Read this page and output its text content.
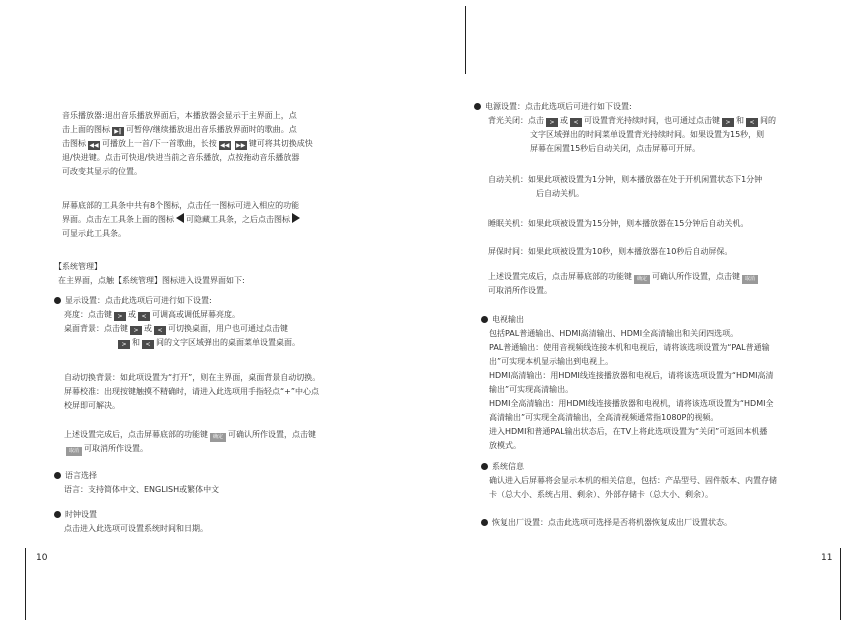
音乐播放器:退出音乐播放界面后，本播放器会显示于主界面上，点

击上面的图标 ▶‖ 可暂停/继续播放退出音乐播放界面时的歌曲。点

击图标 ◀◀ 可播放上一首/下一首歌曲，长按 ◀◀ ▶▶ 键可将其切换成快

退/快进键。点击可快退/快进当前之音乐播放，点按拖动音乐播放器

可改变其显示的位置。

屏幕底部的工具条中共有8个图标，点击任一图标可进入相应的功能

界面。点击左工具条上面的图标 可隐藏工具条，之后点击图标

可显示此工具条。

【系统管理】

在主界面，点触【系统管理】图标进入设置界面如下:

显示设置：点击此选项后可进行如下设置:

亮度：点击键 > 或 < 可调高或调低屏幕亮度。

桌面背景：点击键 > 或 < 可切换桌面，用户也可通过点击键

> 和 < 间的文字区域弹出的桌面菜单设置桌面。

自动切换背景：如此项设置为“打开”，则在主界面，桌面背景自动切换。

屏幕校准：出现按键触摸不精确时，请进入此选项用手指轻点“+”中心点

校屏即可解决。

上述设置完成后，点击屏幕底部的功能键 确定 可确认所作设置，点击键

取消 可取消所作设置。

语言选择

语言：支持简体中文、ENGLISH或繁体中文

时钟设置

点击进入此选项可设置系统时间和日期。

10

电源设置：点击此选项后可进行如下设置:

背光关闭：点击 > 或 < 可设置背光持续时间，也可通过点击键 > 和 < 间的

文字区域弹出的时间菜单设置背光持续时间。如果设置为15秒，则

屏幕在闲置15秒后自动关闭，点击屏幕可开屏。

自动关机：如果此项被设置为1分钟，则本播放器在处于开机闲置状态下1分钟

后自动关机。

睡眠关机：如果此项被设置为15分钟，则本播放器在15分钟后自动关机。

屏保时间：如果此项被设置为10秒，则本播放器在10秒后自动屏保。

上述设置完成后，点击屏幕底部的功能键 确定 可确认所作设置，点击键 取消

可取消所作设置。

电视输出

包括PAL普通输出、HDMI高清输出、HDMI全高清输出和关闭四选项。

PAL普通输出：使用音视频线连接本机和电视后，请将该选项设置为“PAL普通输

出”可实现本机显示输出到电视上。

HDMI高清输出：用HDMI线连接播放器和电视后，请将该选项设置为“HDMI高清

输出”可实现高清输出。

HDMI全高清输出：用HDMI线连接播放器和电视机，请将该选项设置为“HDMI全

高清输出”可实现全高清输出，全高清视频通常指1080P的视频。

进入HDMI和普通PAL输出状态后，在TV上将此选项设置为“关闭”可返回本机播

放模式。

系统信息

确认进入后屏幕将会显示本机的相关信息，包括：产品型号、固件版本、内置存储

卡（总大小、系统占用、剩余）、外部存储卡（总大小、剩余）。

恢复出厂设置：点击此选项可选择是否将机器恢复成出厂设置状态。

11
